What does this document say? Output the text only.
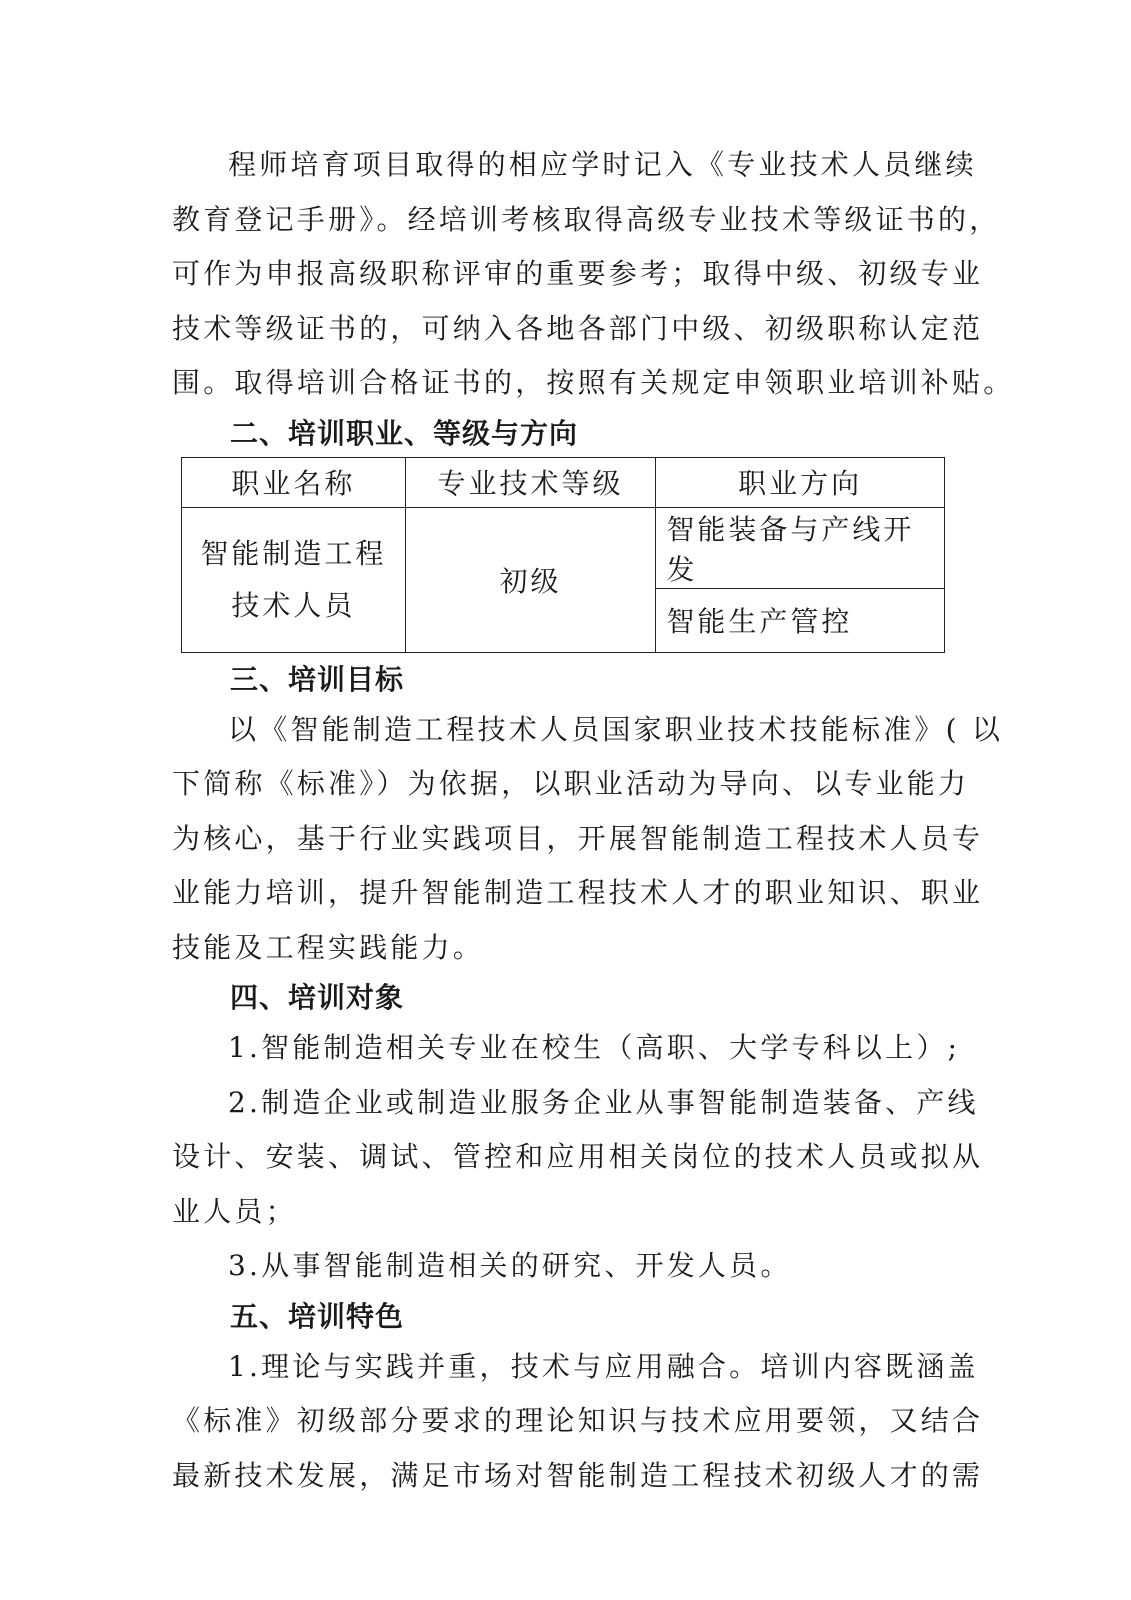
程师培育项目取得的相应学时记入《专业技术人员继续

教育登记手册》。经培训考核取得高级专业技术等级证书的，

可作为申报高级职称评审的重要参考；取得中级、初级专业

技术等级证书的，可纳入各地各部门中级、初级职称认定范

围。取得培训合格证书的，按照有关规定申领职业培训补贴。

二、培训职业、等级与方向
职业名称	专业技术等级	职业方向

智能制造工程
技术人员	初级	智能装备与产线开发
		智能生产管控
三、培训目标

以《智能制造工程技术人员国家职业技术技能标准》( 以

下简称《标准》）为依据，以职业活动为导向、以专业能力

为核心，基于行业实践项目，开展智能制造工程技术人员专

业能力培训，提升智能制造工程技术人才的职业知识、职业

技能及工程实践能力。

四、培训对象

1.智能制造相关专业在校生（高职、大学专科以上）;

2.制造企业或制造业服务企业从事智能制造装备、产线

设计、安装、调试、管控和应用相关岗位的技术人员或拟从

业人员；

3.从事智能制造相关的研究、开发人员。

五、培训特色

1.理论与实践并重，技术与应用融合。培训内容既涵盖

《标准》初级部分要求的理论知识与技术应用要领，又结合

最新技术发展，满足市场对智能制造工程技术初级人才的需
